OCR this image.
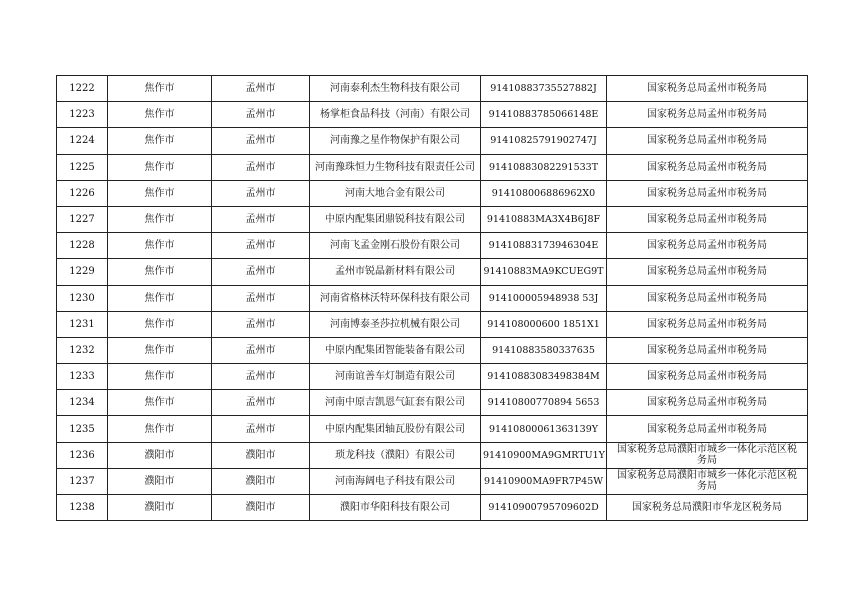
1222	焦作市	孟州市	河南泰利杰生物科技有限公司	91410883735527882J	国家税务总局孟州市税务局
1223	焦作市	孟州市	杨掌柜食品科技（河南）有限公司	91410883785066148E	国家税务总局孟州市税务局
1224	焦作市	孟州市	河南豫之星作物保护有限公司	91410825791902747J	国家税务总局孟州市税务局
1225	焦作市	孟州市	河南豫珠恒力生物科技有限责任公司	91410883082291533T	国家税务总局孟州市税务局
1226	焦作市	孟州市	河南大地合金有限公司	914108006886962X0	国家税务总局孟州市税务局
1227	焦作市	孟州市	中原内配集团鼎锐科技有限公司	91410883MA3X4B6J8F	国家税务总局孟州市税务局
1228	焦作市	孟州市	河南飞孟金刚石股份有限公司	91410883173946304E	国家税务总局孟州市税务局
1229	焦作市	孟州市	孟州市锐晶新材料有限公司	91410883MA9KCUEG9T	国家税务总局孟州市税务局
1230	焦作市	孟州市	河南省格林沃特环保科技有限公司	914100005948938 53J	国家税务总局孟州市税务局
1231	焦作市	孟州市	河南博泰圣莎拉机械有限公司	914108000600 1851X1	国家税务总局孟州市税务局
1232	焦作市	孟州市	中原内配集团智能装备有限公司	91410883580337635	国家税务总局孟州市税务局
1233	焦作市	孟州市	河南谊善车灯制造有限公司	91410883083498384M	国家税务总局孟州市税务局
1234	焦作市	孟州市	河南中原吉凯恩气缸套有限公司	91410800770894 5653	国家税务总局孟州市税务局
1235	焦作市	孟州市	中原内配集团轴瓦股份有限公司	91410800061363139Y	国家税务总局孟州市税务局
1236	濮阳市	濮阳市	琐龙科技（濮阳）有限公司	91410900MA9GMRTU1Y	国家税务总局濮阳市城乡一体化示范区税务局
1237	濮阳市	濮阳市	河南海阔电子科技有限公司	91410900MA9FR7P45W	国家税务总局濮阳市城乡一体化示范区税务局
1238	濮阳市	濮阳市	濮阳市华阳科技有限公司	91410900795709602D	国家税务总局濮阳市华龙区税务局
